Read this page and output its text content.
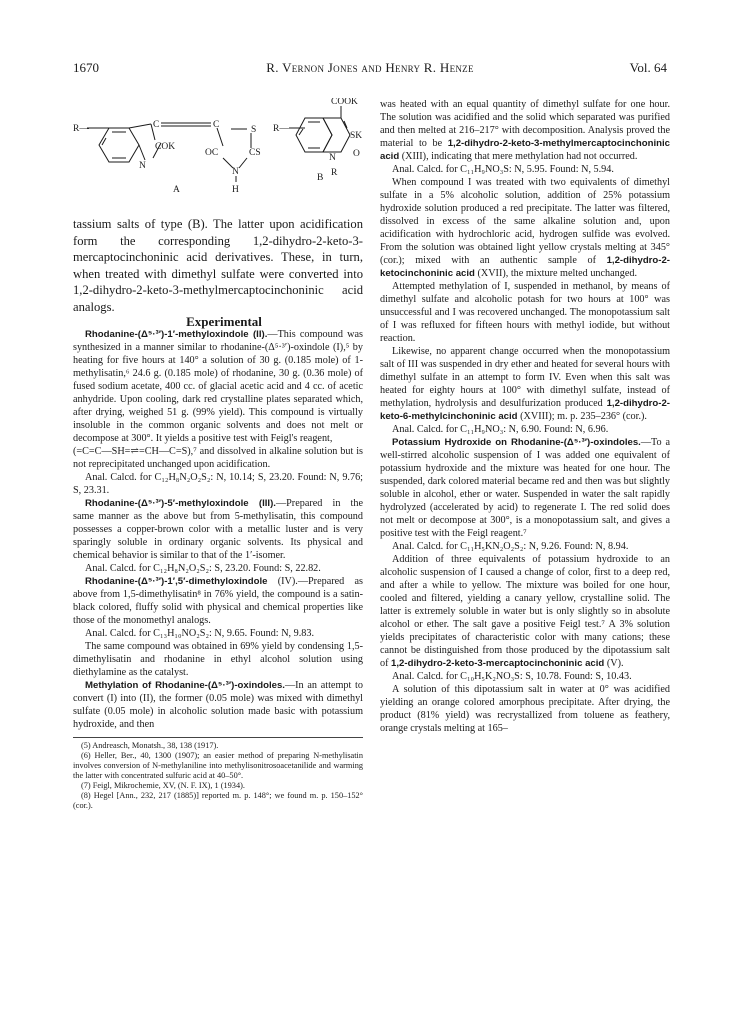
1670	R. Vernon Jones and Henry R. Henze	Vol. 64
R—	C	C	S
N
COK
OC	CS
N
H
A
COOK
R—
SK
N O
B R

tassium salts of type (B). The latter upon acidification form the corresponding 1,2-dihydro-2-keto-3-mercaptocinchoninic acid derivatives. These, in turn, when treated with dimethyl sulfate were converted into 1,2-dihydro-2-keto-3-methylmercaptocinchoninic acid analogs.

Experimental

Rhodanine-(Δ⁵·³′)-1′-methyloxindole (II).—This compound was synthesized in a manner similar to rhodanine-(Δ⁵·³′)-oxindole (I),⁵ by heating for five hours at 140° a solution of 30 g. (0.185 mole) of 1-methylisatin,⁶ 24.6 g. (0.185 mole) of rhodanine, 30 g. (0.36 mole) of fused sodium acetate, 400 cc. of glacial acetic acid and 4 cc. of acetic anhydride. Upon cooling, dark red crystalline plates separated which, after drying, weighed 51 g. (99% yield). This compound is virtually insoluble in the common organic solvents and does not melt or decompose at 300°. It yields a positive test with Feigl's reagent,

(=C=C—SH=⇌=CH—C=S),⁷ and dissolved in alkaline solution but is not reprecipitated unchanged upon acidification.

Anal. Calcd. for C₁₂H₈N₂O₂S₂: N, 10.14; S, 23.20. Found: N, 9.76; S, 23.31.

Rhodanine-(Δ⁵·³′)-5′-methyloxindole (III).—Prepared in the same manner as the above but from 5-methylisatin, this compound possesses a copper-brown color with a metallic luster and is very sparingly soluble in ordinary organic solvents. Its physical and chemical behavior is similar to that of the 1′-isomer.

Anal. Calcd. for C₁₂H₈N₂O₂S₂: S, 23.20. Found: S, 22.82.

Rhodanine-(Δ⁵·³′)-1′,5′-dimethyloxindole (IV).—Prepared as above from 1,5-dimethylisatin⁸ in 76% yield, the compound is a satin-black colored, fluffy solid with physical and chemical properties like those of the monomethyl analogs.

Anal. Calcd. for C₁₃H₁₀NO₂S₂: N, 9.65. Found: N, 9.83.

The same compound was obtained in 69% yield by condensing 1,5-dimethylisatin and rhodanine in ethyl alcohol solution using diethylamine as the catalyst.

Methylation of Rhodanine-(Δ⁵·³′)-oxindoles.—In an attempt to convert (I) into (II), the former (0.05 mole) was mixed with dimethyl sulfate (0.05 mole) in alcoholic solution made basic with potassium hydroxide, and then

(5) Andreasch, Monatsh., 38, 138 (1917).

(6) Heller, Ber., 40, 1300 (1907); an easier method of preparing N-methylisatin involves conversion of N-methylaniline into methylisonitrosoacetanilide and warming the latter with concentrated sulfuric acid at 40–50°.

(7) Feigl, Mikrochemie, XV, (N. F. IX), 1 (1934).

(8) Hegel [Ann., 232, 217 (1885)] reported m. p. 148°; we found m. p. 150–152° (cor.).

was heated with an equal quantity of dimethyl sulfate for one hour. The solution was acidified and the solid which separated was purified and then melted at 216–217° with decomposition. Analysis proved the material to be 1,2-dihydro-2-keto-3-methylmercaptocinchoninic acid (XIII), indicating that mere methylation had not occurred.

Anal. Calcd. for C₁₁H₉NO₃S: N, 5.95. Found: N, 5.94.

When compound I was treated with two equivalents of dimethyl sulfate in a 5% alcoholic solution, addition of 25% potassium hydroxide solution produced a red precipitate. The latter was filtered, dissolved in excess of the same alkaline solution and, upon acidification with hydrochloric acid, hydrogen sulfide was evolved. From the solution was obtained light yellow crystals melting at 345° (cor.); mixed with an authentic sample of 1,2-dihydro-2-ketocinchoninic acid (XVII), the mixture melted unchanged.

Attempted methylation of I, suspended in methanol, by means of dimethyl sulfate and alcoholic potash for two hours at 100° was unsuccessful and I was recovered unchanged. The monopotassium salt of I was refluxed for fifteen hours with methyl iodide, but without reaction.

Likewise, no apparent change occurred when the monopotassium salt of III was suspended in dry ether and heated for several hours with dimethyl sulfate in an attempt to form IV. Even when this salt was heated for eighty hours at 100° with dimethyl sulfate, instead of methylation, hydrolysis and desulfurization produced 1,2-dihydro-2-keto-6-methylcinchoninic acid (XVIII); m. p. 235–236° (cor.).

Anal. Calcd. for C₁₁H₉NO₃: N, 6.90. Found: N, 6.96.

Potassium Hydroxide on Rhodanine-(Δ⁵·³′)-oxindoles.—To a well-stirred alcoholic suspension of I was added one equivalent of potassium hydroxide and the mixture was heated for one hour. The suspended, dark colored material became red and then was but slightly soluble in alcohol, ether or water. Suspended in water the salt rapidly hydrolyzed (accelerated by acid) to regenerate I. The red solid does not melt or decompose at 300°, is a monopotassium salt, and gives a positive test with the Feigl reagent.⁷

Anal. Calcd. for C₁₁H₅KN₂O₂S₂: N, 9.26. Found: N, 8.94.

Addition of three equivalents of potassium hydroxide to an alcoholic suspension of I caused a change of color, first to a deep red, and after a while to yellow. The mixture was boiled for one hour, cooled and filtered, yielding a canary yellow, crystalline solid. The latter is extremely soluble in water but is only slightly so in absolute alcohol or ether. The salt gave a positive Feigl test.⁷ A 3% solution yields precipitates of characteristic color with many cations; these cannot be distinguished from those produced by the dipotassium salt of 1,2-dihydro-2-keto-3-mercaptocinchoninic acid (V).

Anal. Calcd. for C₁₀H₅K₂NO₃S: S, 10.78. Found: S, 10.43.

A solution of this dipotassium salt in water at 0° was acidified yielding an orange colored amorphous precipitate. After drying, the product (81% yield) was recrystallized from toluene as feathery, orange crystals melting at 165–
